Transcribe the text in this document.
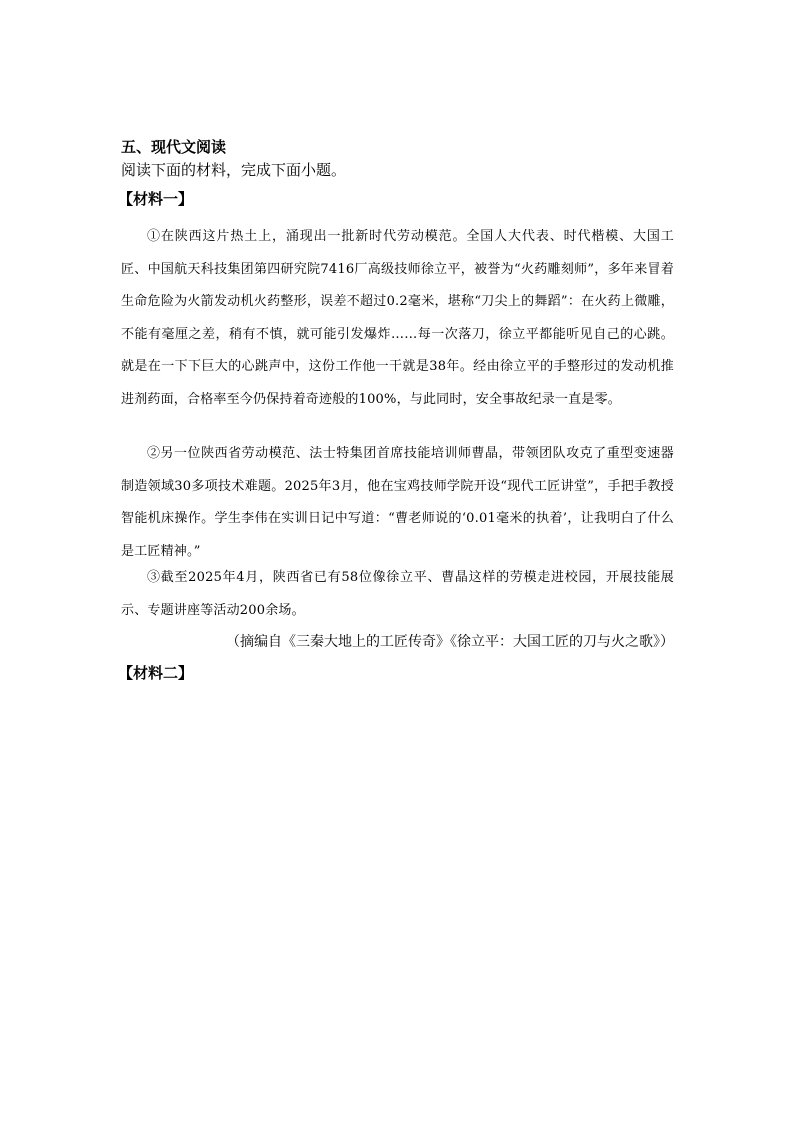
五、现代文阅读
阅读下面的材料，完成下面小题。
【材料一】

①在陕西这片热土上，涌现出一批新时代劳动模范。全国人大代表、时代楷模、大国工匠、中国航天科技集团第四研究院7416厂高级技师徐立平，被誉为“火药雕刻师”，多年来冒着生命危险为火箭发动机火药整形，误差不超过0.2毫米，堪称“刀尖上的舞蹈”：在火药上微雕，不能有毫厘之差，稍有不慎，就可能引发爆炸……每一次落刀，徐立平都能听见自己的心跳。就是在一下下巨大的心跳声中，这份工作他一干就是38年。经由徐立平的手整形过的发动机推进剂药面，合格率至今仍保持着奇迹般的100%，与此同时，安全事故纪录一直是零。

②另一位陕西省劳动模范、法士特集团首席技能培训师曹晶，带领团队攻克了重型变速器制造领域30多项技术难题。2025年3月，他在宝鸡技师学院开设“现代工匠讲堂”，手把手教授智能机床操作。学生李伟在实训日记中写道：“曹老师说的‘0.01毫米的执着’，让我明白了什么是工匠精神。”

③截至2025年4月，陕西省已有58位像徐立平、曹晶这样的劳模走进校园，开展技能展示、专题讲座等活动200余场。

（摘编自《三秦大地上的工匠传奇》《徐立平：大国工匠的刀与火之歌》）
【材料二】
